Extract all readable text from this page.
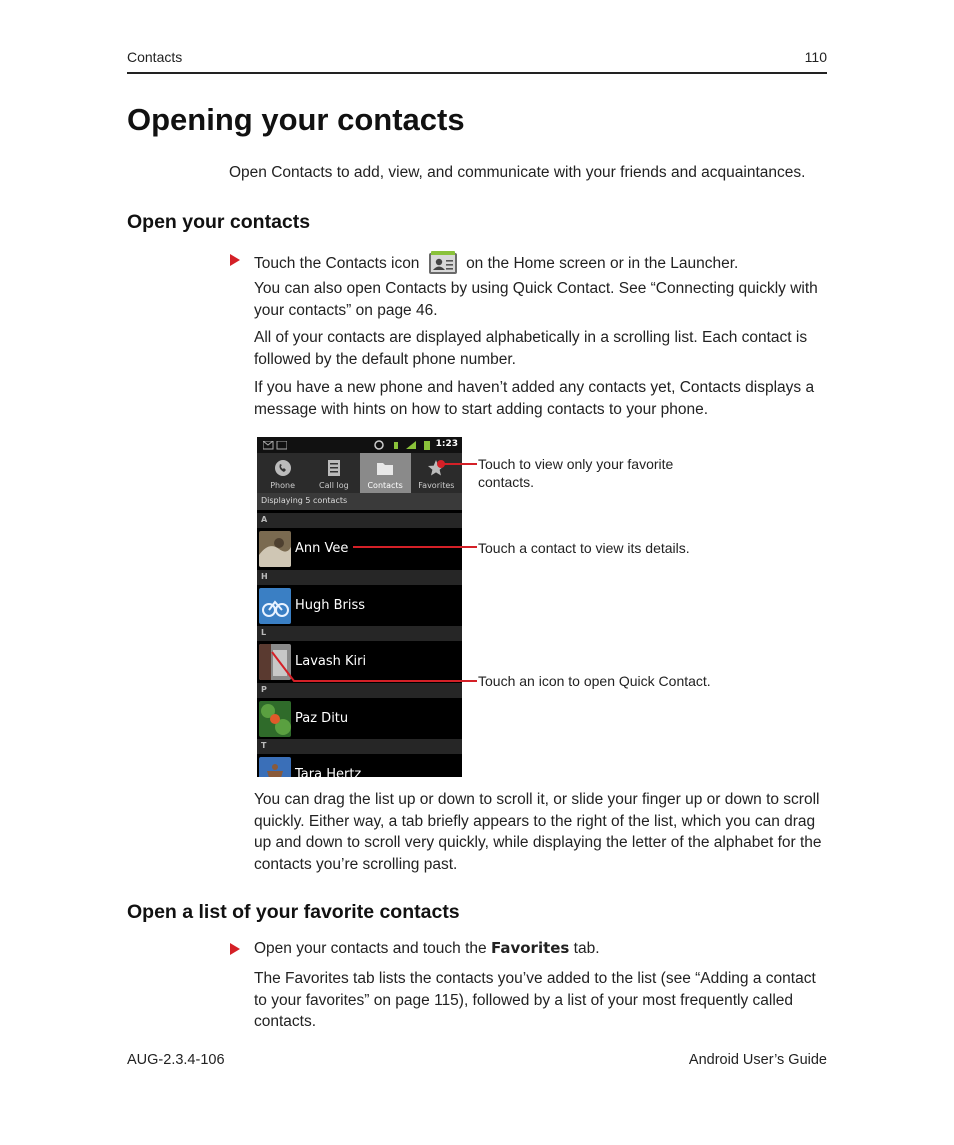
Contacts	110
Opening your contacts
Open Contacts to add, view, and communicate with your friends and acquaintances.
Open your contacts

Touch the Contacts icon	on the Home screen or in the Launcher.

You can also open Contacts by using Quick Contact. See “Connecting quickly with your contacts” on page 46.

All of your contacts are displayed alphabetically in a scrolling list. Each contact is followed by the default phone number.

If you have a new phone and haven’t added any contacts yet, Contacts displays a message with hints on how to start adding contacts to your phone.

1:23
Phone	Call log	Contacts	Favorites
Displaying 5 contacts
A
Ann Vee
H
Hugh Briss
L
Lavash Kiri
P
Paz Ditu
T
Tara Hertz
Touch to view only your favorite contacts.
Touch a contact to view its details.
Touch an icon to open Quick Contact.

You can drag the list up or down to scroll it, or slide your finger up or down to scroll quickly. Either way, a tab briefly appears to the right of the list, which you can drag up and down to scroll very quickly, while displaying the letter of the alphabet for the contacts you’re scrolling past.

Open a list of your favorite contacts

Open your contacts and touch the Favorites tab.

The Favorites tab lists the contacts you’ve added to the list (see “Adding a contact to your favorites” on page 115), followed by a list of your most frequently called contacts.

AUG-2.3.4-106	Android User’s Guide
